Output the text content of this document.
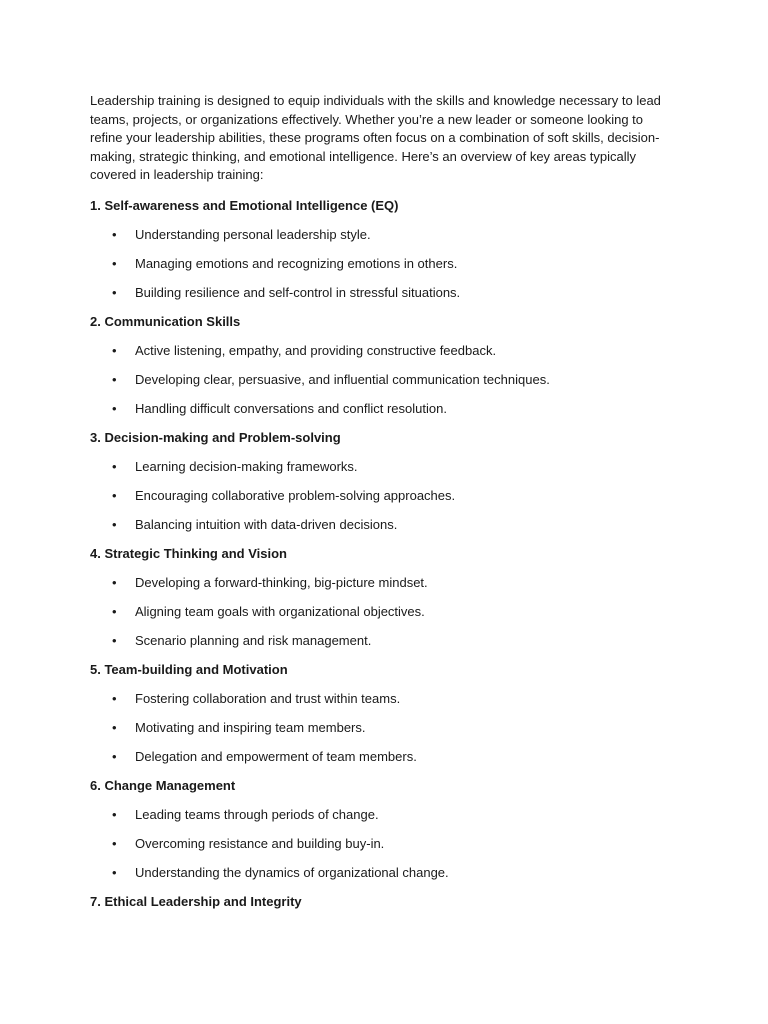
Leadership training is designed to equip individuals with the skills and knowledge necessary to lead teams, projects, or organizations effectively. Whether you’re a new leader or someone looking to refine your leadership abilities, these programs often focus on a combination of soft skills, decision-making, strategic thinking, and emotional intelligence. Here’s an overview of key areas typically covered in leadership training:

1. Self-awareness and Emotional Intelligence (EQ)
•	Understanding personal leadership style.
•	Managing emotions and recognizing emotions in others.
•	Building resilience and self-control in stressful situations.
2. Communication Skills
•	Active listening, empathy, and providing constructive feedback.
•	Developing clear, persuasive, and influential communication techniques.
•	Handling difficult conversations and conflict resolution.
3. Decision-making and Problem-solving
•	Learning decision-making frameworks.
•	Encouraging collaborative problem-solving approaches.
•	Balancing intuition with data-driven decisions.
4. Strategic Thinking and Vision
•	Developing a forward-thinking, big-picture mindset.
•	Aligning team goals with organizational objectives.
•	Scenario planning and risk management.
5. Team-building and Motivation
•	Fostering collaboration and trust within teams.
•	Motivating and inspiring team members.
•	Delegation and empowerment of team members.
6. Change Management
•	Leading teams through periods of change.
•	Overcoming resistance and building buy-in.
•	Understanding the dynamics of organizational change.
7. Ethical Leadership and Integrity
